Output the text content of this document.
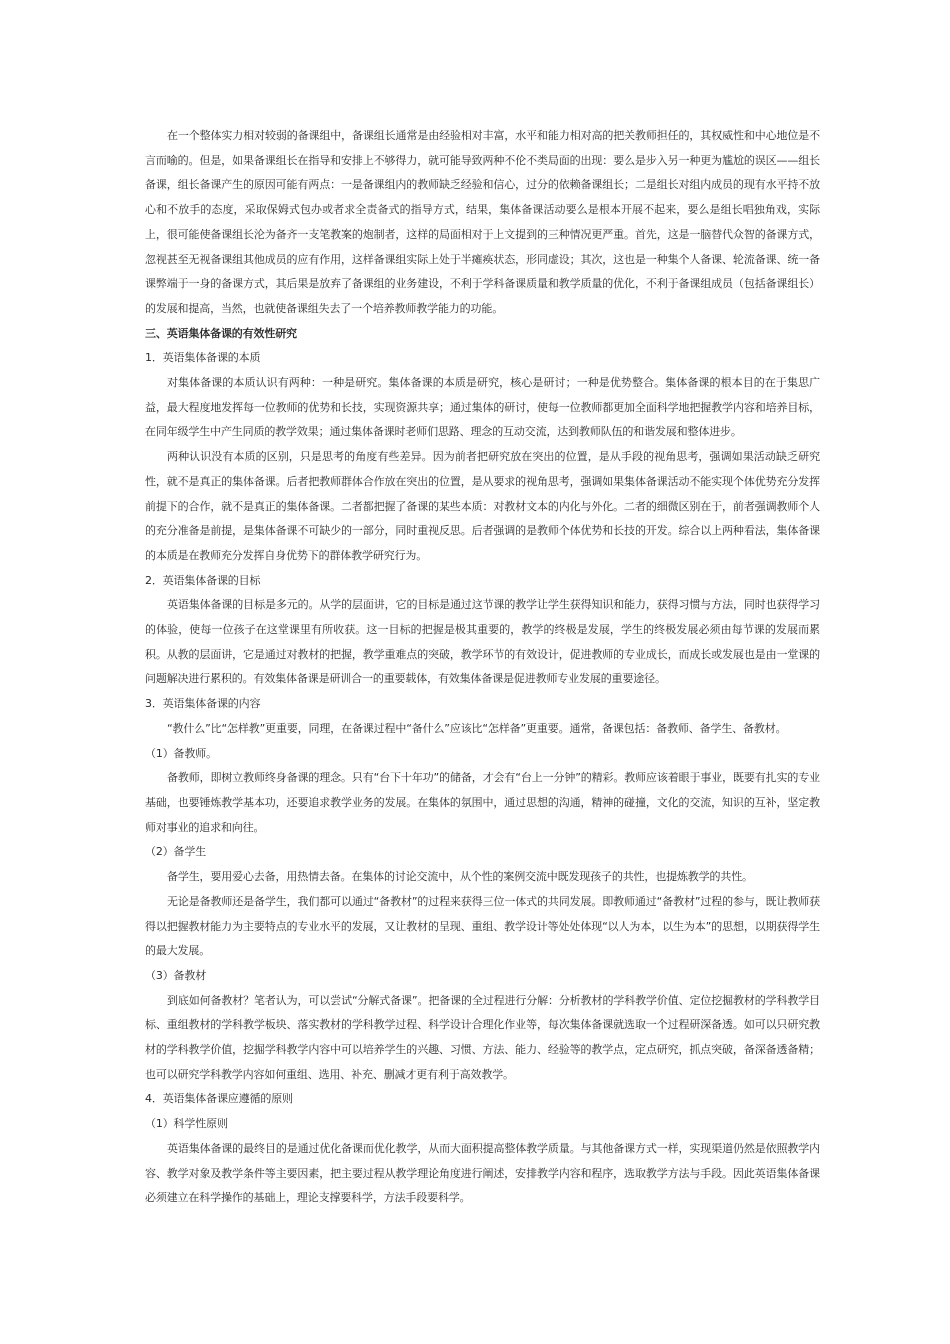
在一个整体实力相对较弱的备课组中，备课组长通常是由经验相对丰富，水平和能力相对高的把关教师担任的，其权威性和中心地位是不言而喻的。但是，如果备课组长在指导和安排上不够得力，就可能导致两种不伦不类局面的出现：要么是步入另一种更为尴尬的误区——组长备课，组长备课产生的原因可能有两点：一是备课组内的教师缺乏经验和信心，过分的依赖备课组长；二是组长对组内成员的现有水平持不放心和不放手的态度，采取保姆式包办或者求全责备式的指导方式，结果，集体备课活动要么是根本开展不起来，要么是组长唱独角戏，实际上，很可能使备课组长沦为备齐一支笔教案的炮制者，这样的局面相对于上文提到的三种情况更严重。首先，这是一脑替代众智的备课方式，忽视甚至无视备课组其他成员的应有作用，这样备课组实际上处于半瘫痪状态，形同虚设；其次，这也是一种集个人备课、轮流备课、统一备课弊端于一身的备课方式，其后果是放弃了备课组的业务建设，不利于学科备课质量和教学质量的优化，不利于备课组成员（包括备课组长）的发展和提高，当然，也就使备课组失去了一个培养教师教学能力的功能。

三、英语集体备课的有效性研究

1．英语集体备课的本质

对集体备课的本质认识有两种：一种是研究。集体备课的本质是研究，核心是研讨；一种是优势整合。集体备课的根本目的在于集思广益，最大程度地发挥每一位教师的优势和长技，实现资源共享；通过集体的研讨，使每一位教师都更加全面科学地把握教学内容和培养目标，在同年级学生中产生同质的教学效果；通过集体备课时老师们思路、理念的互动交流，达到教师队伍的和谐发展和整体进步。

两种认识没有本质的区别，只是思考的角度有些差异。因为前者把研究放在突出的位置，是从手段的视角思考，强调如果活动缺乏研究性，就不是真正的集体备课。后者把教师群体合作放在突出的位置，是从要求的视角思考，强调如果集体备课活动不能实现个体优势充分发挥前提下的合作，就不是真正的集体备课。二者都把握了备课的某些本质：对教材文本的内化与外化。二者的细微区别在于，前者强调教师个人的充分准备是前提，是集体备课不可缺少的一部分，同时重视反思。后者强调的是教师个体优势和长技的开发。综合以上两种看法，集体备课的本质是在教师充分发挥自身优势下的群体教学研究行为。

2．英语集体备课的目标

英语集体备课的目标是多元的。从学的层面讲，它的目标是通过这节课的教学让学生获得知识和能力，获得习惯与方法，同时也获得学习的体验，使每一位孩子在这堂课里有所收获。这一目标的把握是极其重要的，教学的终极是发展，学生的终极发展必须由每节课的发展而累积。从教的层面讲，它是通过对教材的把握，教学重难点的突破，教学环节的有效设计，促进教师的专业成长，而成长或发展也是由一堂课的问题解决进行累积的。有效集体备课是研训合一的重要载体，有效集体备课是促进教师专业发展的重要途径。

3．英语集体备课的内容

“教什么”比“怎样教”更重要，同理，在备课过程中“备什么”应该比“怎样备”更重要。通常，备课包括：备教师、备学生、备教材。

（1）备教师。

备教师，即树立教师终身备课的理念。只有“台下十年功”的储备，才会有“台上一分钟”的精彩。教师应该着眼于事业，既要有扎实的专业基础，也要锤炼教学基本功，还要追求教学业务的发展。在集体的氛围中，通过思想的沟通，精神的碰撞，文化的交流，知识的互补，坚定教师对事业的追求和向往。

（2）备学生

备学生，要用爱心去备，用热情去备。在集体的讨论交流中，从个性的案例交流中既发现孩子的共性，也提炼教学的共性。

无论是备教师还是备学生，我们都可以通过“备教材”的过程来获得三位一体式的共同发展。即教师通过“备教材”过程的参与，既让教师获得以把握教材能力为主要特点的专业水平的发展，又让教材的呈现、重组、教学设计等处处体现“以人为本，以生为本”的思想，以期获得学生的最大发展。

（3）备教材

到底如何备教材？笔者认为，可以尝试“分解式备课”。把备课的全过程进行分解：分析教材的学科教学价值、定位挖掘教材的学科教学目标、重组教材的学科教学板块、落实教材的学科教学过程、科学设计合理化作业等，每次集体备课就选取一个过程研深备透。如可以只研究教材的学科教学价值，挖掘学科教学内容中可以培养学生的兴趣、习惯、方法、能力、经验等的教学点，定点研究，抓点突破，备深备透备精；也可以研究学科教学内容如何重组、选用、补充、删减才更有利于高效教学。

4．英语集体备课应遵循的原则

（1）科学性原则

英语集体备课的最终目的是通过优化备课而优化教学，从而大面积提高整体教学质量。与其他备课方式一样，实现渠道仍然是依照教学内容、教学对象及教学条件等主要因素，把主要过程从教学理论角度进行阐述，安排教学内容和程序，选取教学方法与手段。因此英语集体备课必须建立在科学操作的基础上，理论支撑要科学，方法手段要科学。
